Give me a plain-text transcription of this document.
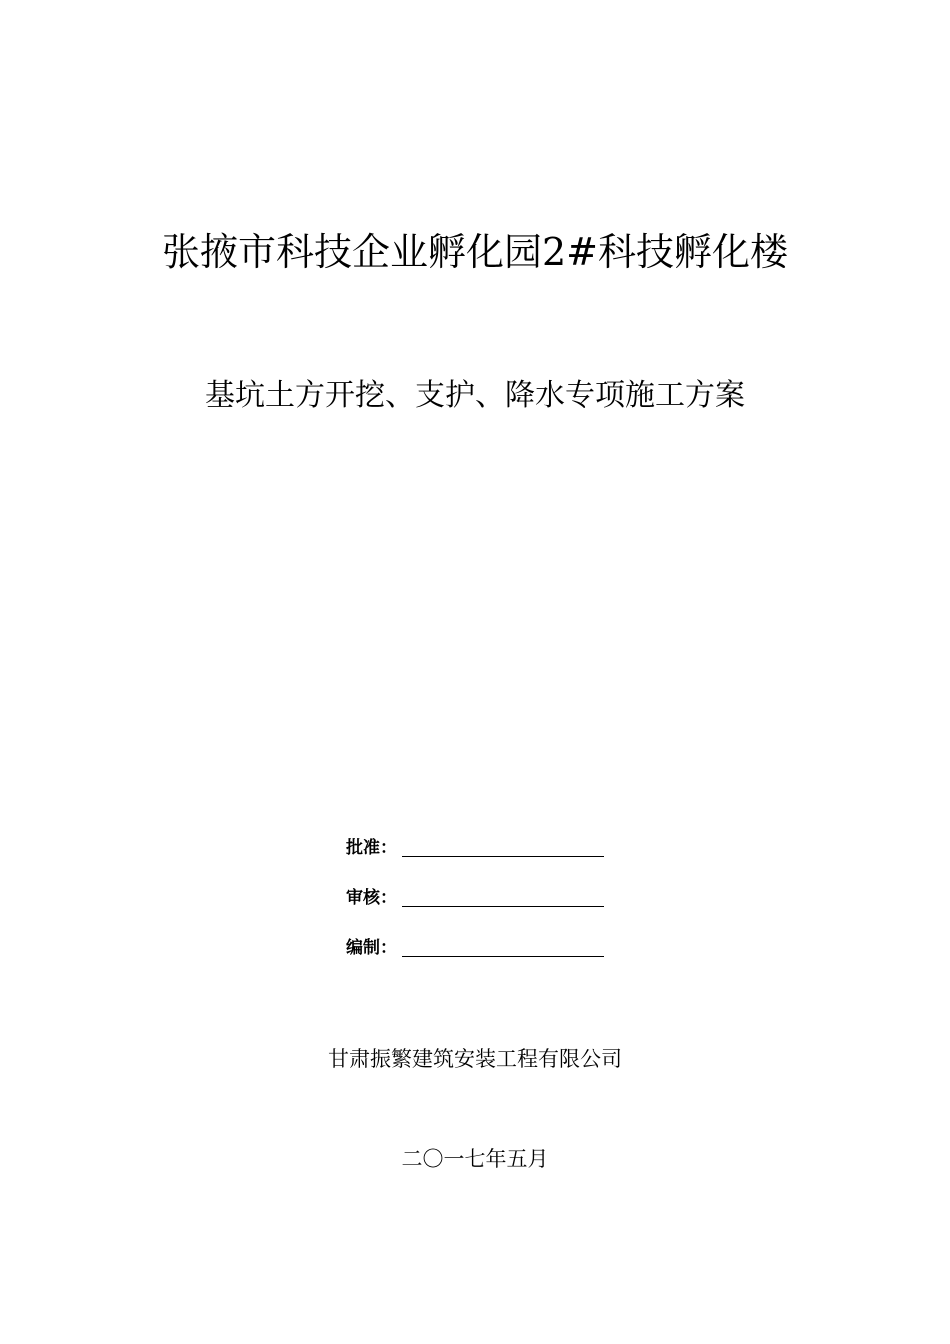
张掖市科技企业孵化园2#科技孵化楼
基坑土方开挖、支护、降水专项施工方案
批准：
审核：
编制：
甘肃振繁建筑安装工程有限公司
二〇一七年五月
